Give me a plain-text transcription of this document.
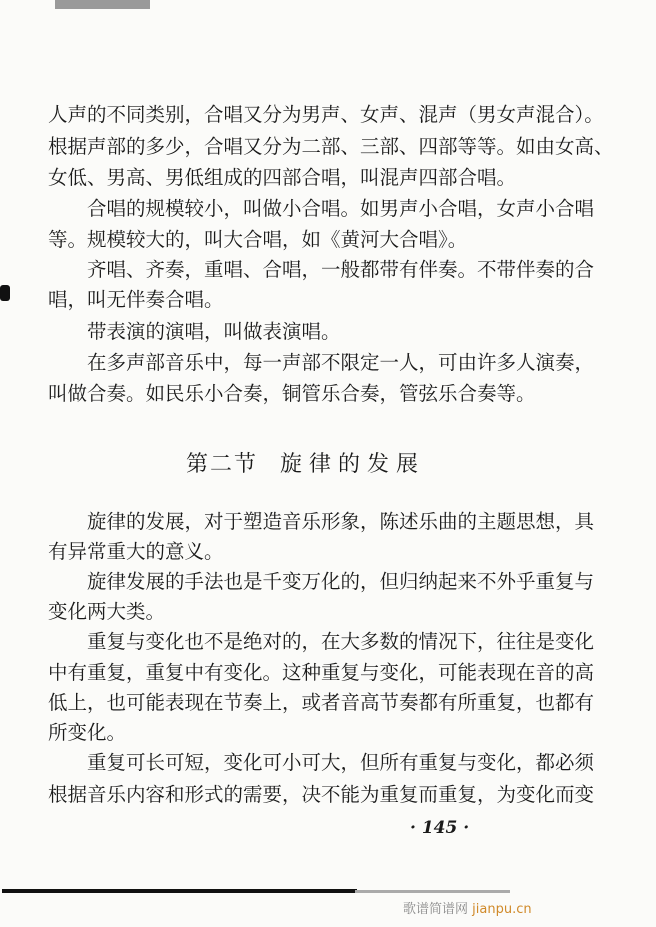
人声的不同类别，合唱又分为男声、女声、混声（男女声混合）。
根据声部的多少，合唱又分为二部、三部、四部等等。如由女高、
女低、男高、男低组成的四部合唱，叫混声四部合唱。
合唱的规模较小，叫做小合唱。如男声小合唱，女声小合唱
等。规模较大的，叫大合唱，如《黄河大合唱》。
齐唱、齐奏，重唱、合唱，一般都带有伴奏。不带伴奏的合
唱，叫无伴奏合唱。
带表演的演唱，叫做表演唱。
在多声部音乐中，每一声部不限定一人，可由许多人演奏，
叫做合奏。如民乐小合奏，铜管乐合奏，管弦乐合奏等。
第二节 旋律的发展
旋律的发展，对于塑造音乐形象，陈述乐曲的主题思想，具
有异常重大的意义。
旋律发展的手法也是千变万化的，但归纳起来不外乎重复与
变化两大类。
重复与变化也不是绝对的，在大多数的情况下，往往是变化
中有重复，重复中有变化。这种重复与变化，可能表现在音的高
低上，也可能表现在节奏上，或者音高节奏都有所重复，也都有
所变化。
重复可长可短，变化可小可大，但所有重复与变化，都必须
根据音乐内容和形式的需要，决不能为重复而重复，为变化而变
· 145 ·
歌谱简谱网 jianpu.cn
